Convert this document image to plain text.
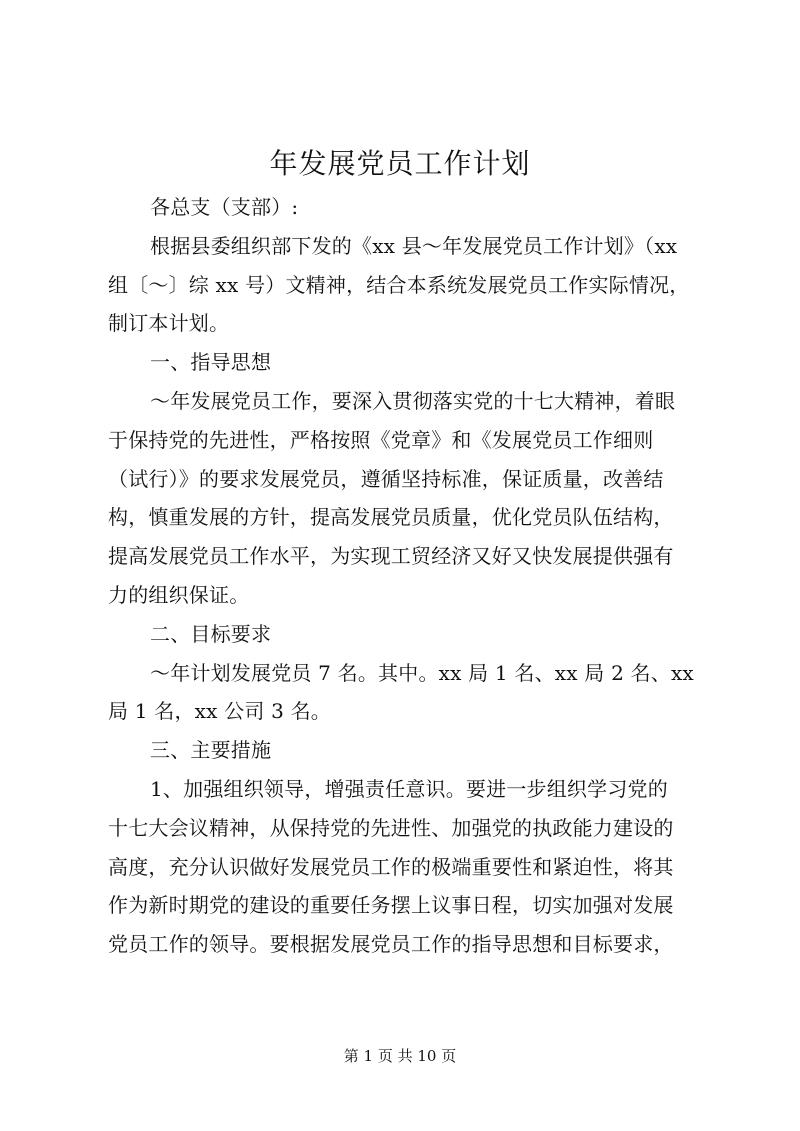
年发展党员工作计划

各总支（支部）:

根据县委组织部下发的《xx 县～年发展党员工作计划》（xx

组〔～〕综 xx 号）文精神，结合本系统发展党员工作实际情况，

制订本计划。

一、指导思想

～年发展党员工作，要深入贯彻落实党的十七大精神，着眼

于保持党的先进性，严格按照《党章》和《发展党员工作细则

（试行）》的要求发展党员，遵循坚持标准，保证质量，改善结

构，慎重发展的方针，提高发展党员质量，优化党员队伍结构，

提高发展党员工作水平，为实现工贸经济又好又快发展提供强有

力的组织保证。

二、目标要求

～年计划发展党员 7 名。其中。xx 局 1 名、xx 局 2 名、xx

局 1 名，xx 公司 3 名。

三、主要措施

1、加强组织领导，增强责任意识。要进一步组织学习党的

十七大会议精神，从保持党的先进性、加强党的执政能力建设的

高度，充分认识做好发展党员工作的极端重要性和紧迫性，将其

作为新时期党的建设的重要任务摆上议事日程，切实加强对发展

党员工作的领导。要根据发展党员工作的指导思想和目标要求，

第 1 页 共 10 页
